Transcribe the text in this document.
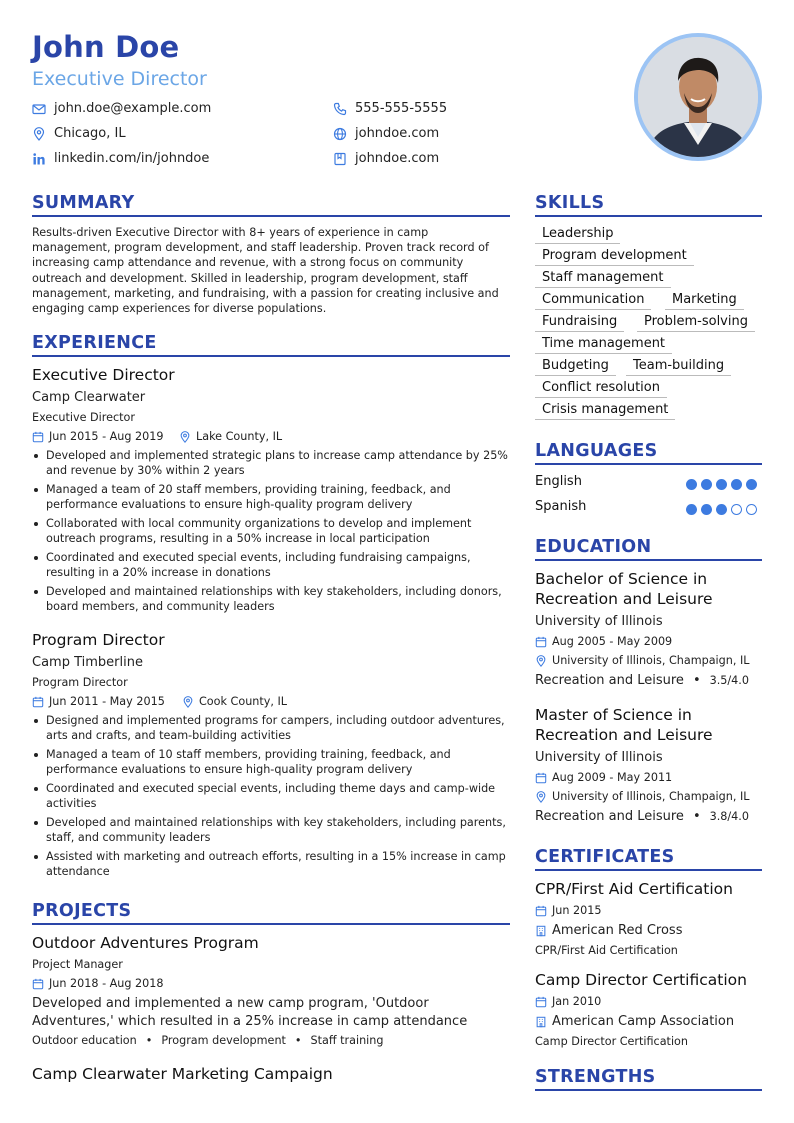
John Doe
Executive Director
john.doe@example.com	555-555-5555
Chicago, IL	johndoe.com
linkedin.com/in/johndoe	johndoe.com
SUMMARY
Results-driven Executive Director with 8+ years of experience in camp management, program development, and staff leadership. Proven track record of increasing camp attendance and revenue, with a strong focus on community outreach and development. Skilled in leadership, program development, staff management, marketing, and fundraising, with a passion for creating inclusive and engaging camp experiences for diverse populations.
EXPERIENCE
Executive Director
Camp Clearwater
Executive Director
Jun 2015 - Aug 2019	Lake County, IL
Developed and implemented strategic plans to increase camp attendance by 25% and revenue by 30% within 2 years
Managed a team of 20 staff members, providing training, feedback, and performance evaluations to ensure high-quality program delivery
Collaborated with local community organizations to develop and implement outreach programs, resulting in a 50% increase in local participation
Coordinated and executed special events, including fundraising campaigns, resulting in a 20% increase in donations
Developed and maintained relationships with key stakeholders, including donors, board members, and community leaders
Program Director
Camp Timberline
Program Director
Jun 2011 - May 2015	Cook County, IL
Designed and implemented programs for campers, including outdoor adventures, arts and crafts, and team-building activities
Managed a team of 10 staff members, providing training, feedback, and performance evaluations to ensure high-quality program delivery
Coordinated and executed special events, including theme days and camp-wide activities
Developed and maintained relationships with key stakeholders, including parents, staff, and community leaders
Assisted with marketing and outreach efforts, resulting in a 15% increase in camp attendance
PROJECTS
Outdoor Adventures Program
Project Manager
Jun 2018 - Aug 2018
Developed and implemented a new camp program, 'Outdoor Adventures,' which resulted in a 25% increase in camp attendance
Outdoor education • Program development • Staff training
Camp Clearwater Marketing Campaign
SKILLS
Leadership
Program development
Staff management
Communication	Marketing
Fundraising	Problem-solving
Time management
Budgeting	Team-building
Conflict resolution
Crisis management
LANGUAGES
English
Spanish
EDUCATION
Bachelor of Science in Recreation and Leisure
University of Illinois
Aug 2005 - May 2009
University of Illinois, Champaign, IL
Recreation and Leisure • 3.5/4.0
Master of Science in Recreation and Leisure
University of Illinois
Aug 2009 - May 2011
University of Illinois, Champaign, IL
Recreation and Leisure • 3.8/4.0
CERTIFICATES
CPR/First Aid Certification
Jun 2015
American Red Cross
CPR/First Aid Certification
Camp Director Certification
Jan 2010
American Camp Association
Camp Director Certification
STRENGTHS
